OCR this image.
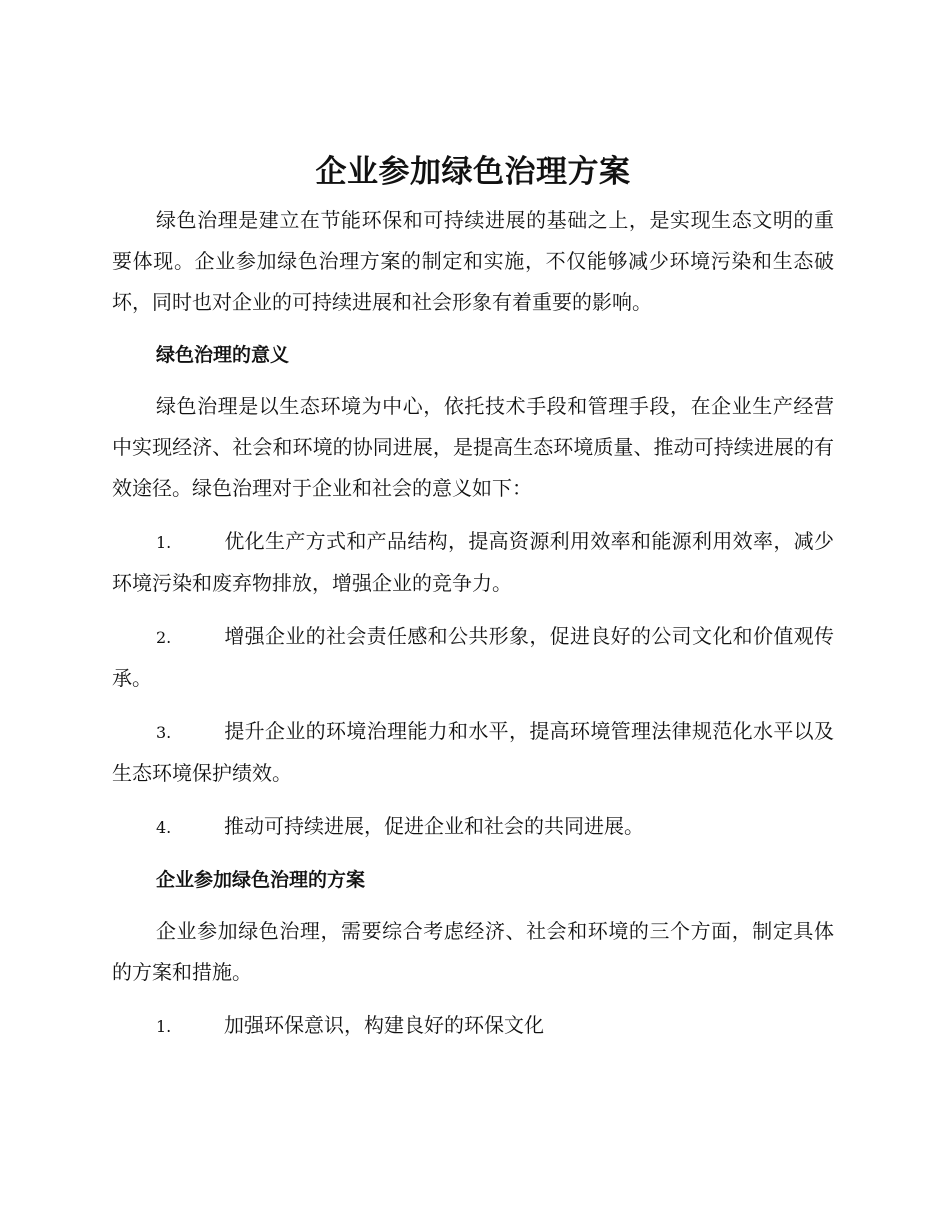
企业参加绿色治理方案

绿色治理是建立在节能环保和可持续进展的基础之上，是实现生态文明的重要体现。企业参加绿色治理方案的制定和实施，不仅能够减少环境污染和生态破坏，同时也对企业的可持续进展和社会形象有着重要的影响。

绿色治理的意义

绿色治理是以生态环境为中心，依托技术手段和管理手段，在企业生产经营中实现经济、社会和环境的协同进展，是提高生态环境质量、推动可持续进展的有效途径。绿色治理对于企业和社会的意义如下：

1.	优化生产方式和产品结构，提高资源利用效率和能源利用效率，减少环境污染和废弃物排放，增强企业的竞争力。
2.	增强企业的社会责任感和公共形象，促进良好的公司文化和价值观传承。
3.	提升企业的环境治理能力和水平，提高环境管理法律规范化水平以及生态环境保护绩效。
4.	推动可持续进展，促进企业和社会的共同进展。
企业参加绿色治理的方案

企业参加绿色治理，需要综合考虑经济、社会和环境的三个方面，制定具体的方案和措施。

1.	加强环保意识，构建良好的环保文化
